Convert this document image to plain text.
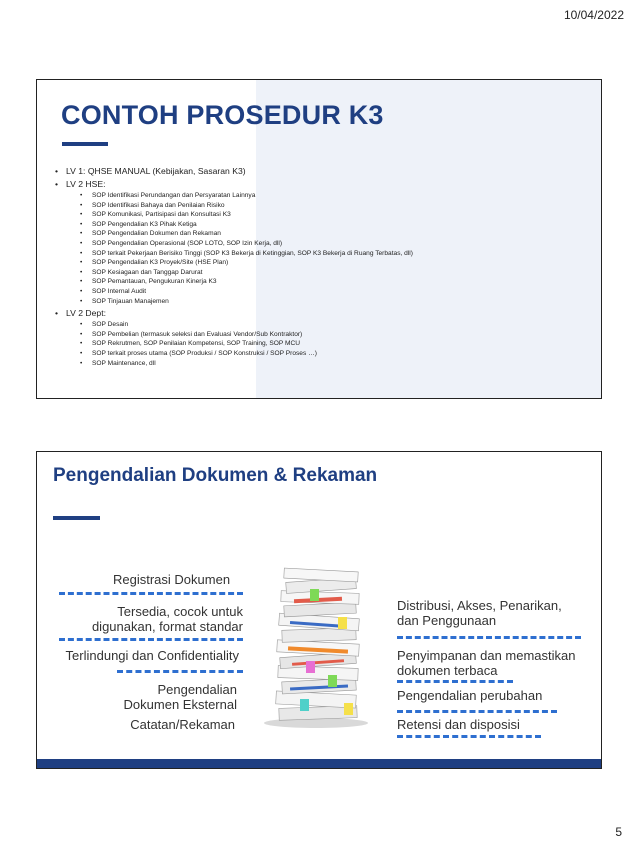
10/04/2022
CONTOH PROSEDUR K3
• LV 1: QHSE MANUAL (Kebijakan, Sasaran K3)
• LV 2 HSE:
•	SOP Identifikasi Perundangan dan Persyaratan Lainnya
•	SOP Identifikasi Bahaya dan Penilaian Risiko
•	SOP Komunikasi, Partisipasi dan Konsultasi K3
•	SOP Pengendalian K3 Pihak Ketiga
•	SOP Pengendalian Dokumen dan Rekaman
•	SOP Pengendalian Operasional (SOP LOTO, SOP Izin Kerja, dll)
•	SOP terkait Pekerjaan Berisiko Tinggi (SOP K3 Bekerja di Ketinggian, SOP K3 Bekerja di Ruang Terbatas, dll)
•	SOP Pengendalian K3 Proyek/Site (HSE Plan)
•	SOP Kesiagaan dan Tanggap Darurat
•	SOP Pemantauan, Pengukuran Kinerja K3
•	SOP Internal Audit
•	SOP Tinjauan Manajemen
• LV 2 Dept:
•	SOP Desain
•	SOP Pembelian (termasuk seleksi dan Evaluasi Vendor/Sub Kontraktor)
•	SOP Rekrutmen, SOP Penilaian Kompetensi, SOP Training, SOP MCU
•	SOP terkait proses utama (SOP Produksi / SOP Konstruksi / SOP Proses …)
•	SOP Maintenance, dll
Pengendalian Dokumen & Rekaman
Registrasi Dokumen
Tersedia, cocok untuk
digunakan, format standar
Terlindungi dan Confidentiality
Pengendalian
Dokumen Eksternal
Catatan/Rekaman
Distribusi, Akses, Penarikan,
dan Penggunaan
Penyimpanan dan memastikan
dokumen terbaca
Pengendalian perubahan
Retensi dan disposisi
5
